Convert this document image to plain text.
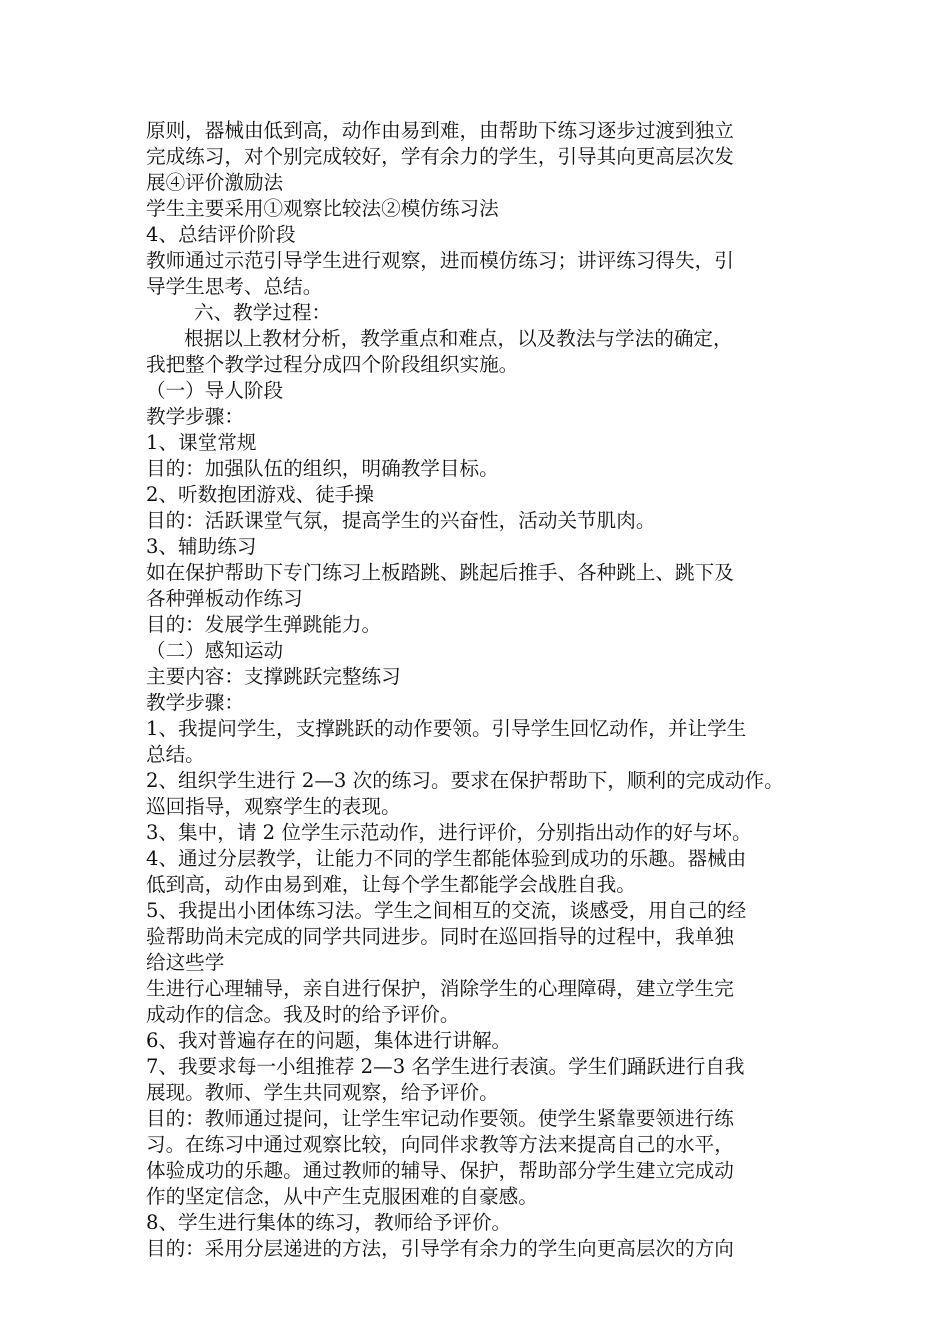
原则，器械由低到高，动作由易到难，由帮助下练习逐步过渡到独立
完成练习，对个别完成较好，学有余力的学生，引导其向更高层次发
展④评价激励法
学生主要采用①观察比较法②模仿练习法
4、总结评价阶段
教师通过示范引导学生进行观察，进而模仿练习；讲评练习得失，引
导学生思考、总结。
六、教学过程：
根据以上教材分析，教学重点和难点，以及教法与学法的确定，
我把整个教学过程分成四个阶段组织实施。
（一）导人阶段
教学步骤：
1、课堂常规
目的：加强队伍的组织，明确教学目标。
2、听数抱团游戏、徒手操
目的：活跃课堂气氛，提高学生的兴奋性，活动关节肌肉。
3、辅助练习
如在保护帮助下专门练习上板踏跳、跳起后推手、各种跳上、跳下及
各种弹板动作练习
目的：发展学生弹跳能力。
（二）感知运动
主要内容：支撑跳跃完整练习
教学步骤：
1、我提问学生，支撑跳跃的动作要领。引导学生回忆动作，并让学生
总结。
2、组织学生进行 2—3 次的练习。要求在保护帮助下，顺利的完成动作。
巡回指导，观察学生的表现。
3、集中，请 2 位学生示范动作，进行评价，分别指出动作的好与坏。
4、通过分层教学，让能力不同的学生都能体验到成功的乐趣。器械由
低到高，动作由易到难，让每个学生都能学会战胜自我。
5、我提出小团体练习法。学生之间相互的交流，谈感受，用自己的经
验帮助尚未完成的同学共同进步。同时在巡回指导的过程中，我单独
给这些学
生进行心理辅导，亲自进行保护，消除学生的心理障碍，建立学生完
成动作的信念。我及时的给予评价。
6、我对普遍存在的问题，集体进行讲解。
7、我要求每一小组推荐 2—3 名学生进行表演。学生们踊跃进行自我
展现。教师、学生共同观察，给予评价。
目的：教师通过提问，让学生牢记动作要领。使学生紧靠要领进行练
习。在练习中通过观察比较，向同伴求教等方法来提高自己的水平，
体验成功的乐趣。通过教师的辅导、保护，帮助部分学生建立完成动
作的坚定信念，从中产生克服困难的自豪感。
8、学生进行集体的练习，教师给予评价。
目的：采用分层递进的方法，引导学有余力的学生向更高层次的方向
